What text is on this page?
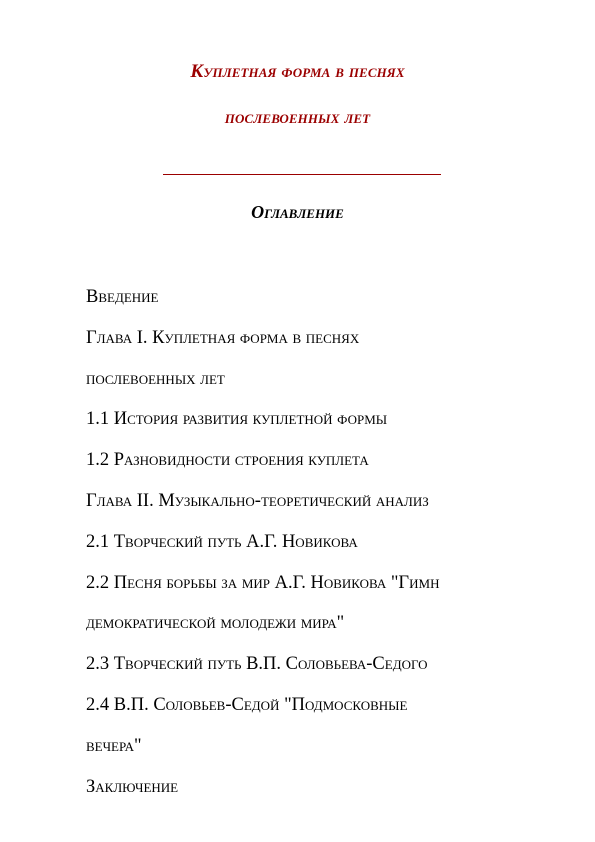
Куплетная форма в песнях
послевоенных лет
Оглавление
Введение
Глава I. Куплетная форма в песнях
послевоенных лет
1.1 История развития куплетной формы
1.2 Разновидности строения куплета
Глава II. Музыкально-теоретический анализ
2.1 Творческий путь А.Г. Новикова
2.2 Песня борьбы за мир А.Г. Новикова "Гимн
демократической молодежи мира"
2.3 Творческий путь В.П. Соловьева-Седого
2.4 В.П. Соловьев-Седой "Подмосковные
вечера"
Заключение
